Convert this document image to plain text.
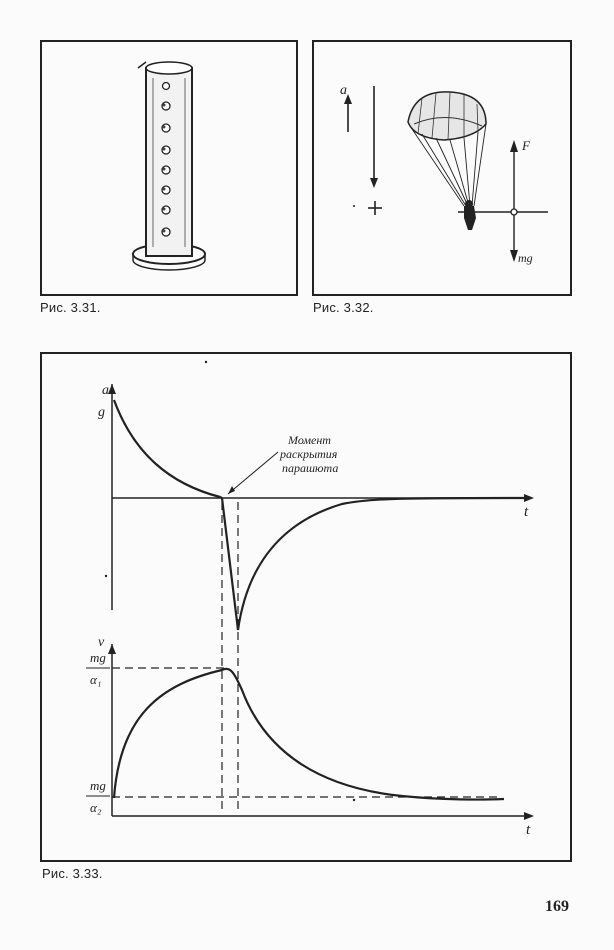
Рис. 3.31.
a
F
mg
Рис. 3.32.
a
g
t
Момент
раскрытия
парашюта
v
t
mg
α₁
mg
α₂
Рис. 3.33.
169
